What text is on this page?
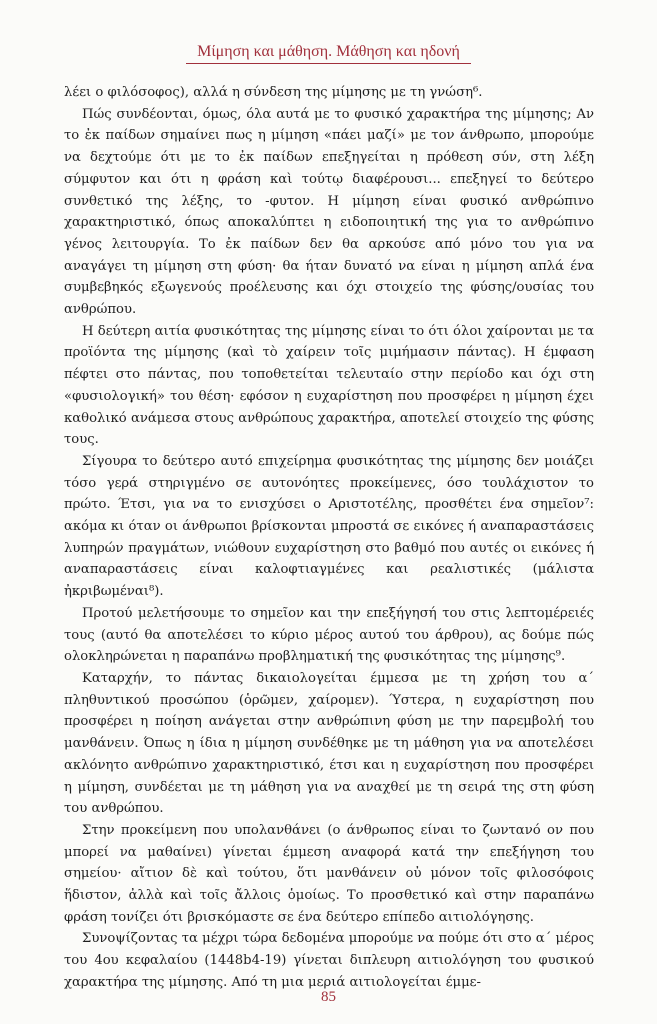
Μίμηση και μάθηση. Μάθηση και ηδονή

λέει ο φιλόσοφος), αλλά η σύνδεση της μίμησης με τη γνώση⁶.

Πώς συνδέονται, όμως, όλα αυτά με το φυσικό χαρακτήρα της μίμησης; Αν το ἐκ παίδων σημαίνει πως η μίμηση «πάει μαζί» με τον άνθρωπο, μπορούμε να δεχτούμε ότι με το ἐκ παίδων επεξηγείται η πρόθεση σύν, στη λέξη σύμφυτον και ότι η φράση καὶ τούτῳ διαφέρουσι... επεξηγεί το δεύτερο συνθετικό της λέξης, το -φυτον. Η μίμηση είναι φυσικό ανθρώπινο χαρακτηριστικό, όπως αποκαλύπτει η ειδοποιητική της για το ανθρώπινο γένος λειτουργία. Το ἐκ παίδων δεν θα αρκούσε από μόνο του για να αναγάγει τη μίμηση στη φύση· θα ήταν δυνατό να είναι η μίμηση απλά ένα συμβεβηκός εξωγενούς προέλευσης και όχι στοιχείο της φύσης/ουσίας του ανθρώπου.

Η δεύτερη αιτία φυσικότητας της μίμησης είναι το ότι όλοι χαίρονται με τα προϊόντα της μίμησης (καὶ τὸ χαίρειν τοῖς μιμήμασιν πάντας). Η έμφαση πέφτει στο πάντας, που τοποθετείται τελευταίο στην περίοδο και όχι στη «φυσιολογική» του θέση· εφόσον η ευχαρίστηση που προσφέρει η μίμηση έχει καθολικό ανάμεσα στους ανθρώπους χαρακτήρα, αποτελεί στοιχείο της φύσης τους.

Σίγουρα το δεύτερο αυτό επιχείρημα φυσικότητας της μίμησης δεν μοιάζει τόσο γερά στηριγμένο σε αυτονόητες προκείμενες, όσο τουλάχιστον το πρώτο. Έτσι, για να το ενισχύσει ο Αριστοτέλης, προσθέτει ένα σημεῖον⁷: ακόμα κι όταν οι άνθρωποι βρίσκονται μπροστά σε εικόνες ή αναπαραστάσεις λυπηρών πραγμάτων, νιώθουν ευχαρίστηση στο βαθμό που αυτές οι εικόνες ή αναπαραστάσεις είναι καλοφτιαγμένες και ρεαλιστικές (μάλιστα ἠκριβωμέναι⁸).

Προτού μελετήσουμε το σημεῖον και την επεξήγησή του στις λεπτομέρειές τους (αυτό θα αποτελέσει το κύριο μέρος αυτού του άρθρου), ας δούμε πώς ολοκληρώνεται η παραπάνω προβληματική της φυσικότητας της μίμησης⁹.

Καταρχήν, το πάντας δικαιολογείται έμμεσα με τη χρήση του α΄ πληθυντικού προσώπου (ὁρῶμεν, χαίρομεν). Ύστερα, η ευχαρίστηση που προσφέρει η ποίηση ανάγεται στην ανθρώπινη φύση με την παρεμβολή του μανθάνειν. Όπως η ίδια η μίμηση συνδέθηκε με τη μάθηση για να αποτελέσει ακλόνητο ανθρώπινο χαρακτηριστικό, έτσι και η ευχαρίστηση που προσφέρει η μίμηση, συνδέεται με τη μάθηση για να αναχθεί με τη σειρά της στη φύση του ανθρώπου.

Στην προκείμενη που υπολανθάνει (ο άνθρωπος είναι το ζωντανό ον που μπορεί να μαθαίνει) γίνεται έμμεση αναφορά κατά την επεξήγηση του σημείου· αἴτιον δὲ καὶ τούτου, ὅτι μανθάνειν οὐ μόνον τοῖς φιλοσόφοις ἥδιστον, ἀλλὰ καὶ τοῖς ἄλλοις ὁμοίως. Το προσθετικό καὶ στην παραπάνω φράση τονίζει ότι βρισκόμαστε σε ένα δεύτερο επίπεδο αιτιολόγησης.

Συνοψίζοντας τα μέχρι τώρα δεδομένα μπορούμε να πούμε ότι στο α΄ μέρος του 4ου κεφαλαίου (1448b4-19) γίνεται διπλευρη αιτιολόγηση του φυσικού χαρακτήρα της μίμησης. Από τη μια μεριά αιτιολογείται έμμε-

85
